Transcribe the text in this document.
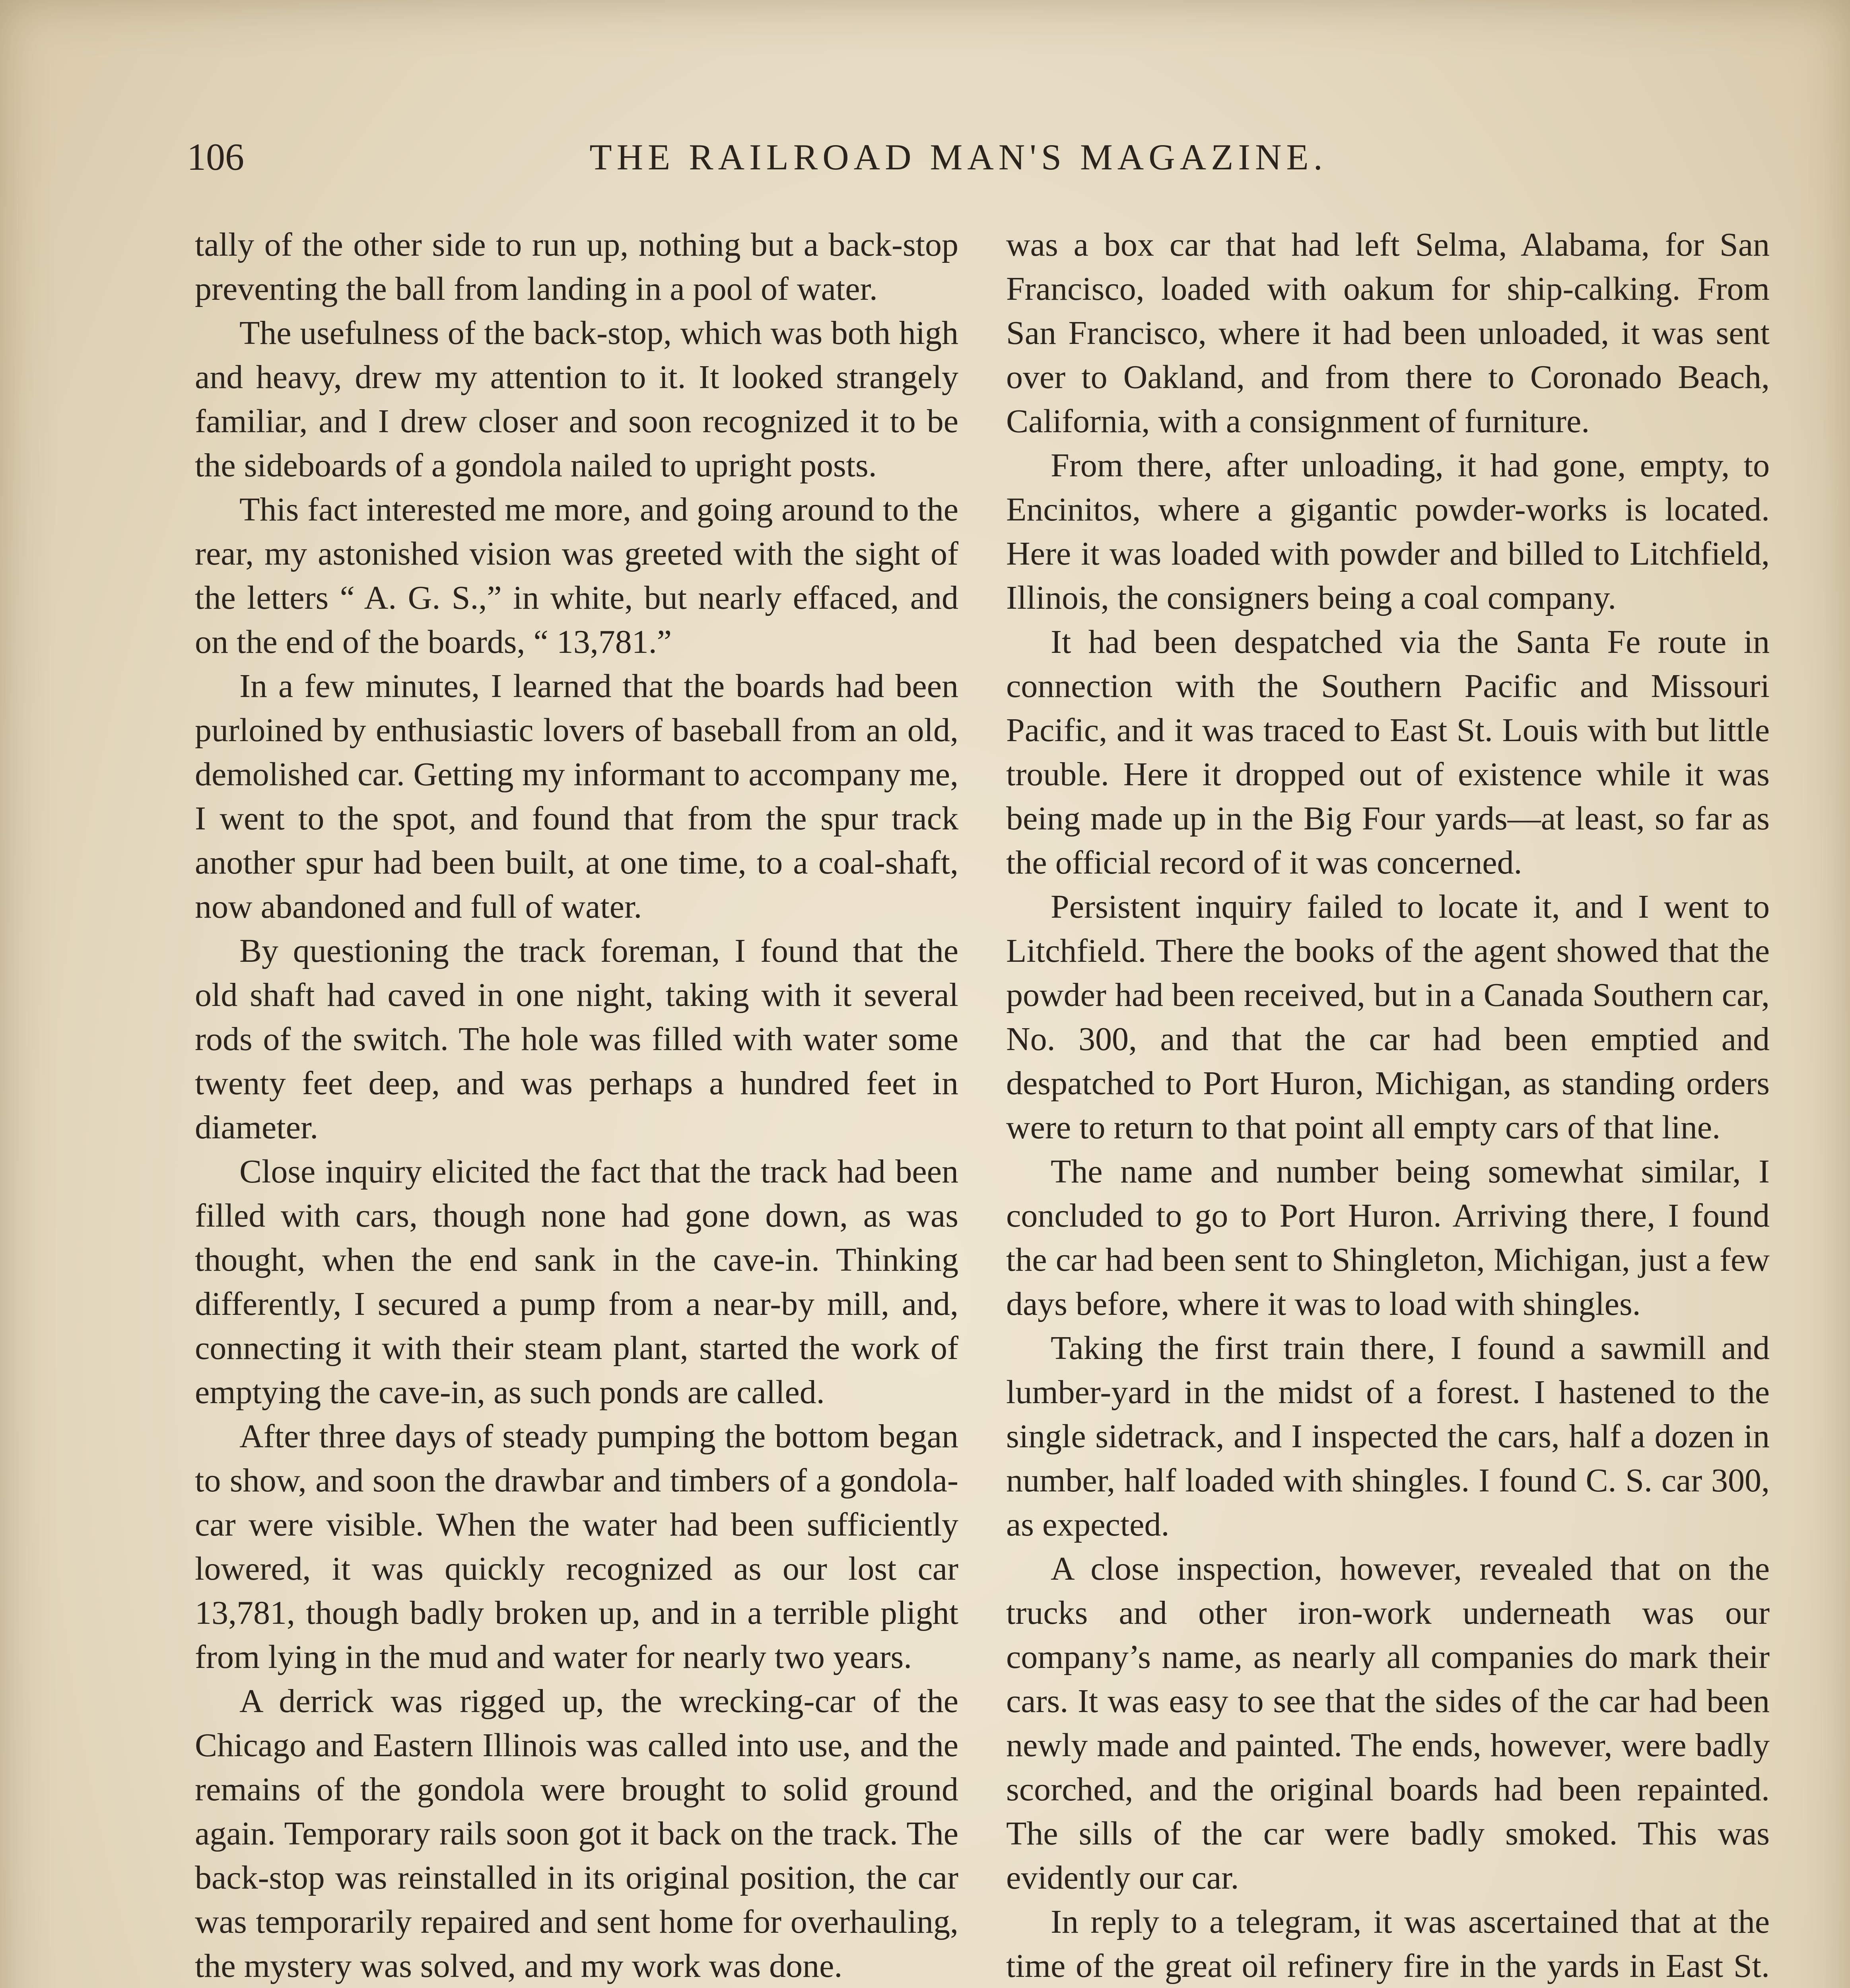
106	THE RAILROAD MAN'S MAGAZINE.

tally of the other side to run up, nothing but a back-stop preventing the ball from landing in a pool of water.

The usefulness of the back-stop, which was both high and heavy, drew my attention to it. It looked strangely familiar, and I drew closer and soon recognized it to be the sideboards of a gondola nailed to upright posts.

This fact interested me more, and going around to the rear, my astonished vision was greeted with the sight of the letters “ A. G. S.,” in white, but nearly effaced, and on the end of the boards, “ 13,781.”

In a few minutes, I learned that the boards had been purloined by enthusiastic lovers of baseball from an old, demolished car. Getting my informant to accompany me, I went to the spot, and found that from the spur track another spur had been built, at one time, to a coal-shaft, now abandoned and full of water.

By questioning the track foreman, I found that the old shaft had caved in one night, taking with it several rods of the switch. The hole was filled with water some twenty feet deep, and was perhaps a hundred feet in diameter.

Close inquiry elicited the fact that the track had been filled with cars, though none had gone down, as was thought, when the end sank in the cave-in. Thinking differently, I secured a pump from a near-by mill, and, connecting it with their steam plant, started the work of emptying the cave-in, as such ponds are called.

After three days of steady pumping the bottom began to show, and soon the drawbar and timbers of a gondola-car were visible. When the water had been sufficiently lowered, it was quickly recognized as our lost car 13,781, though badly broken up, and in a terrible plight from lying in the mud and water for nearly two years.

A derrick was rigged up, the wrecking-car of the Chicago and Eastern Illinois was called into use, and the remains of the gondola were brought to solid ground again. Temporary rails soon got it back on the track. The back-stop was reinstalled in its original position, the car was temporarily repaired and sent home for overhauling, the mystery was solved, and my work was done.

was a box car that had left Selma, Alabama, for San Francisco, loaded with oakum for ship-calking. From San Francisco, where it had been unloaded, it was sent over to Oakland, and from there to Coronado Beach, California, with a consignment of furniture.

From there, after unloading, it had gone, empty, to Encinitos, where a gigantic powder-works is located. Here it was loaded with powder and billed to Litchfield, Illinois, the consigners being a coal company.

It had been despatched via the Santa Fe route in connection with the Southern Pacific and Missouri Pacific, and it was traced to East St. Louis with but little trouble. Here it dropped out of existence while it was being made up in the Big Four yards—at least, so far as the official record of it was concerned.

Persistent inquiry failed to locate it, and I went to Litchfield. There the books of the agent showed that the powder had been received, but in a Canada Southern car, No. 300, and that the car had been emptied and despatched to Port Huron, Michigan, as standing orders were to return to that point all empty cars of that line.

The name and number being somewhat similar, I concluded to go to Port Huron. Arriving there, I found the car had been sent to Shingleton, Michigan, just a few days before, where it was to load with shingles.

Taking the first train there, I found a sawmill and lumber-yard in the midst of a forest. I hastened to the single sidetrack, and I inspected the cars, half a dozen in number, half loaded with shingles. I found C. S. car 300, as expected.

A close inspection, however, revealed that on the trucks and other iron-work underneath was our company’s name, as nearly all companies do mark their cars. It was easy to see that the sides of the car had been newly made and painted. The ends, however, were badly scorched, and the original boards had been repainted. The sills of the car were badly smoked. This was evidently our car.

In reply to a telegram, it was ascertained that at the time of the great oil refinery fire in the yards in East St.
